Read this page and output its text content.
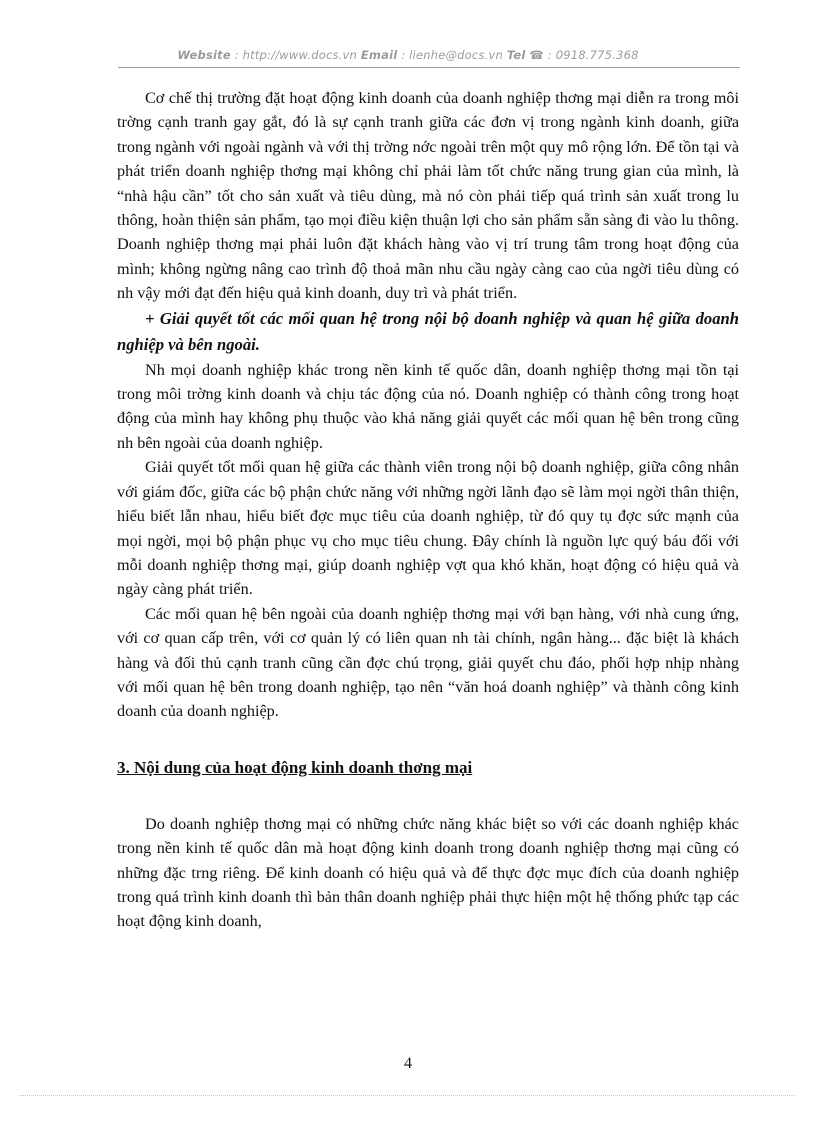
Website : http://www.docs.vn Email : lienhe@docs.vn Tel ☎ : 0918.775.368

Cơ chế thị trường đặt hoạt động kinh doanh của doanh nghiệp thơng mại diễn ra trong môi trờng cạnh tranh gay gắt, đó là sự cạnh tranh giữa các đơn vị trong ngành kinh doanh, giữa trong ngành với ngoài ngành và với thị trờng nớc ngoài trên một quy mô rộng lớn. Để tồn tại và phát triển doanh nghiệp thơng mại không chỉ phải làm tốt chức năng trung gian của mình, là “nhà hậu cần” tốt cho sản xuất và tiêu dùng, mà nó còn phải tiếp quá trình sản xuất trong lu thông, hoàn thiện sản phẩm, tạo mọi điều kiện thuận lợi cho sản phẩm sẵn sàng đi vào lu thông. Doanh nghiệp thơng mại phải luôn đặt khách hàng vào vị trí trung tâm trong hoạt động của mình; không ngừng nâng cao trình độ thoả mãn nhu cầu ngày càng cao của ngời tiêu dùng có nh vậy mới đạt đến hiệu quả kinh doanh, duy trì và phát triển.

+ Giải quyết tốt các mối quan hệ trong nội bộ doanh nghiệp và quan hệ giữa doanh nghiệp và bên ngoài.

Nh mọi doanh nghiệp khác trong nền kinh tế quốc dân, doanh nghiệp thơng mại tồn tại trong môi trờng kinh doanh và chịu tác động của nó. Doanh nghiệp có thành công trong hoạt động của mình hay không phụ thuộc vào khả năng giải quyết các mối quan hệ bên trong cũng nh bên ngoài của doanh nghiệp.

Giải quyết tốt mối quan hệ giữa các thành viên trong nội bộ doanh nghiệp, giữa công nhân với giám đốc, giữa các bộ phận chức năng với những ngời lãnh đạo sẽ làm mọi ngời thân thiện, hiểu biết lẫn nhau, hiểu biết đợc mục tiêu của doanh nghiệp, từ đó quy tụ đợc sức mạnh của mọi ngời, mọi bộ phận phục vụ cho mục tiêu chung. Đây chính là nguồn lực quý báu đối với mỗi doanh nghiệp thơng mại, giúp doanh nghiệp vợt qua khó khăn, hoạt động có hiệu quả và ngày càng phát triển.

Các mối quan hệ bên ngoài của doanh nghiệp thơng mại với bạn hàng, với nhà cung ứng, với cơ quan cấp trên, với cơ quản lý có liên quan nh tài chính, ngân hàng... đặc biệt là khách hàng và đối thủ cạnh tranh cũng cần đợc chú trọng, giải quyết chu đáo, phối hợp nhịp nhàng với mối quan hệ bên trong doanh nghiệp, tạo nên “văn hoá doanh nghiệp” và thành công kinh doanh của doanh nghiệp.

3. Nội dung của hoạt động kinh doanh thơng mại

Do doanh nghiệp thơng mại có những chức năng khác biệt so với các doanh nghiệp khác trong nền kinh tế quốc dân mà hoạt động kinh doanh trong doanh nghiệp thơng mại cũng có những đặc trng riêng. Để kinh doanh có hiệu quả và để thực đợc mục đích của doanh nghiệp trong quá trình kinh doanh thì bản thân doanh nghiệp phải thực hiện một hệ thống phức tạp các hoạt động kinh doanh,

4
